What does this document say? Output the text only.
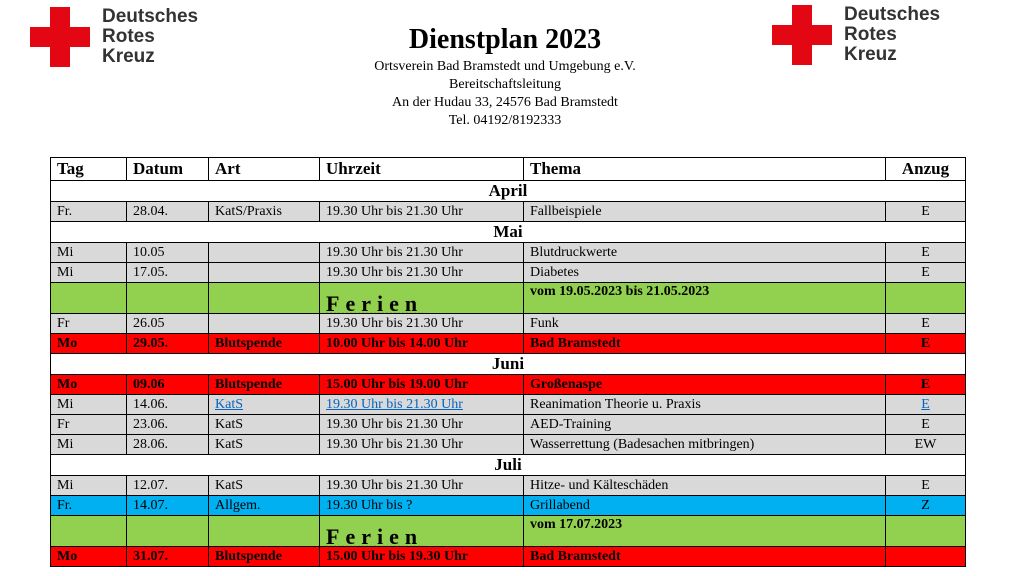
Deutsches
Rotes
Kreuz
Deutsches
Rotes
Kreuz
Dienstplan 2023
Ortsverein Bad Bramstedt und Umgebung e.V.
Bereitschaftsleitung
An der Hudau 33, 24576 Bad Bramstedt
Tel. 04192/8192333
Tag	Datum	Art	Uhrzeit	Thema	Anzug
April					
Fr.	28.04.	KatS/Praxis	19.30 Uhr bis 21.30 Uhr	Fallbeispiele	E
Mai					
Mi	10.05		19.30 Uhr bis 21.30 Uhr	Blutdruckwerte	E
Mi	17.05.		19.30 Uhr bis 21.30 Uhr	Diabetes	E
			Ferien	vom 19.05.2023 bis 21.05.2023	
Fr	26.05		19.30 Uhr bis 21.30 Uhr	Funk	E
Mo	29.05.	Blutspende	10.00 Uhr bis 14.00 Uhr	Bad Bramstedt	E
Juni					
Mo	09.06	Blutspende	15.00 Uhr bis 19.00 Uhr	Großenaspe	E
Mi	14.06.	KatS	19.30 Uhr bis 21.30 Uhr	Reanimation Theorie u. Praxis	E
Fr	23.06.	KatS	19.30 Uhr bis 21.30 Uhr	AED-Training	E
Mi	28.06.	KatS	19.30 Uhr bis 21.30 Uhr	Wasserrettung (Badesachen mitbringen)	EW
Juli					
Mi	12.07.	KatS	19.30 Uhr bis 21.30 Uhr	Hitze- und Kälteschäden	E
Fr.	14.07.	Allgem.	19.30 Uhr bis ?	Grillabend	Z
			Ferien	vom 17.07.2023	
Mo	31.07.	Blutspende	15.00 Uhr bis 19.30 Uhr	Bad Bramstedt	
